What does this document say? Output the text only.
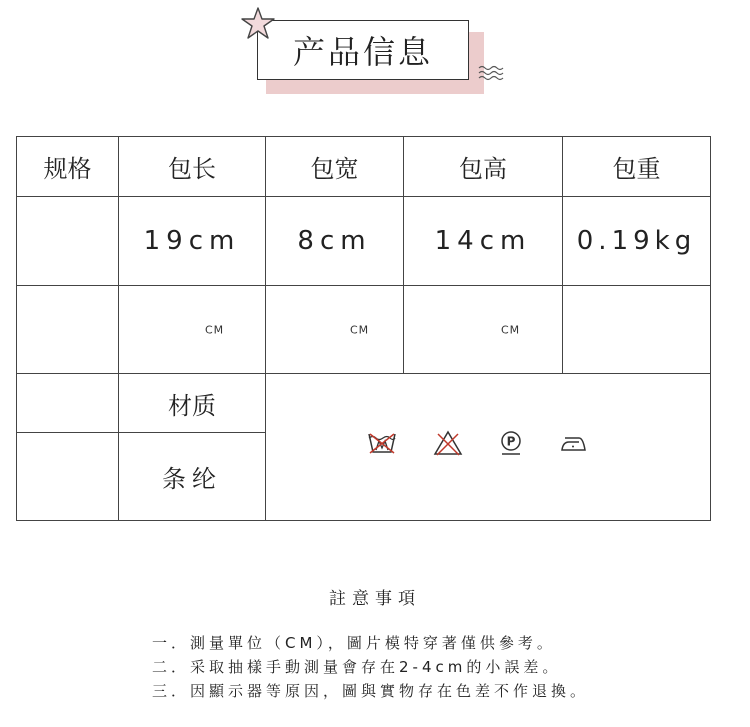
产品信息
规格	包长	包宽	包高	包重
	19cm	8cm	14cm	0.19kg

	CM	CM	CM	

	材质	P		

	条纶			
註意事項
一．測量單位（CM），圖片模特穿著僅供參考。
二．采取抽樣手動測量會存在2-4cm的小誤差。
三．因顯示器等原因，圖與實物存在色差不作退換。
